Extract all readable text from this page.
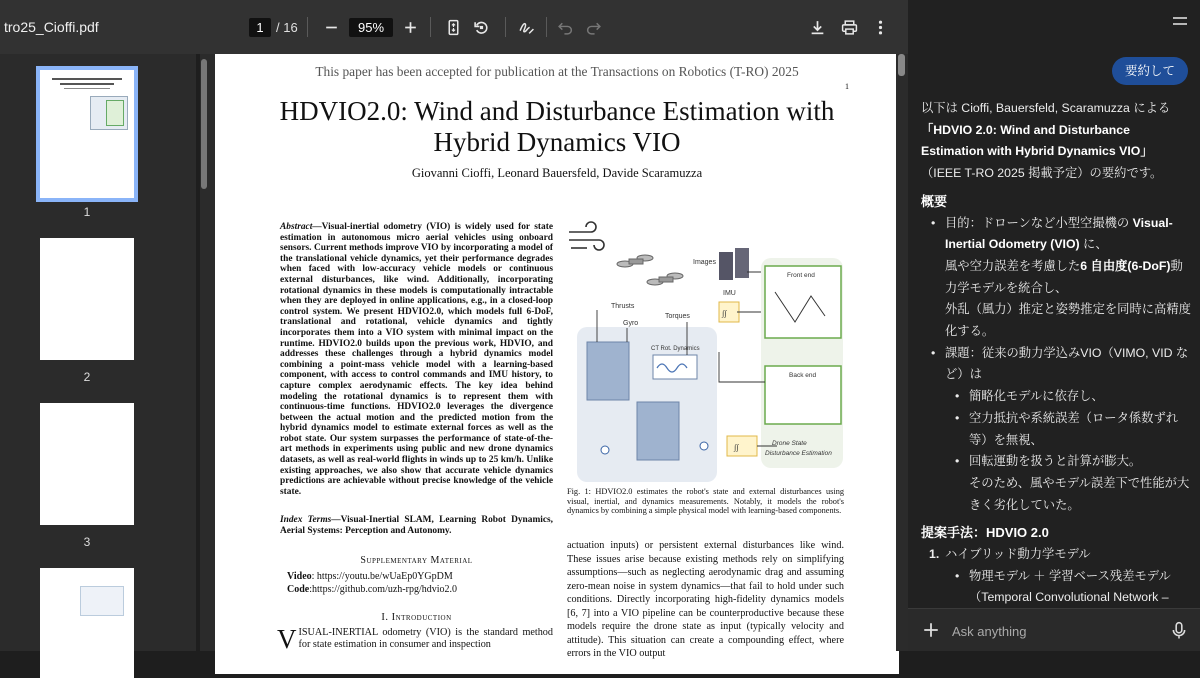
tro25_Cioffi.pdf	1 / 16	95%
1
2
3
This paper has been accepted for publication at the Transactions on Robotics (T-RO) 2025
1
HDVIO2.0: Wind and Disturbance Estimation with
Hybrid Dynamics VIO
Giovanni Cioffi, Leonard Bauersfeld, Davide Scaramuzza
Abstract—Visual-inertial odometry (VIO) is widely used for state estimation in autonomous micro aerial vehicles using onboard sensors. Current methods improve VIO by incorporating a model of the translational vehicle dynamics, yet their performance degrades when faced with low-accuracy vehicle models or continuous external disturbances, like wind. Additionally, incorporating rotational dynamics in these models is computationally intractable when they are deployed in online applications, e.g., in a closed-loop control system. We present HDVIO2.0, which models full 6-DoF, translational and rotational, vehicle dynamics and tightly incorporates them into a VIO system with minimal impact on the runtime. HDVIO2.0 builds upon the previous work, HDVIO, and addresses these challenges through a hybrid dynamics model combining a point-mass vehicle model with a learning-based component, with access to control commands and IMU history, to capture complex aerodynamic effects. The key idea behind modeling the rotational dynamics is to represent them with continuous-time functions. HDVIO2.0 leverages the divergence between the actual motion and the predicted motion from the hybrid dynamics model to estimate external forces as well as the robot state. Our system surpasses the performance of state-of-the-art methods in experiments using public and new drone dynamics datasets, as well as real-world flights in winds up to 25 km/h. Unlike existing approaches, we also show that accurate vehicle dynamics predictions are achievable without precise knowledge of the vehicle state.
Index Terms—Visual-Inertial SLAM, Learning Robot Dynamics, Aerial Systems: Perception and Autonomy.
Supplementary Material
Video: https://youtu.be/wUaEp0YGpDM
Code:https://github.com/uzh-rpg/hdvio2.0
I. Introduction
VISUAL-INERTIAL odometry (VIO) is the standard method for state estimation in consumer and inspection
Images
IMU
Thrusts
Gyro
Torques
CT Rot. Dynamics
∫∫
∫∫
Front end
Back end
Drone State
Disturbance Estimation
Fig. 1: HDVIO2.0 estimates the robot's state and external disturbances using visual, inertial, and dynamics measurements. Notably, it models the robot's dynamics by combining a simple physical model with learning-based components.
actuation inputs) or persistent external disturbances like wind. These issues arise because existing methods rely on simplifying assumptions—such as neglecting aerodynamic drag and assuming zero-mean noise in system dynamics—that fail to hold under such conditions. Directly incorporating high-fidelity dynamics models [6, 7] into a VIO pipeline can be counterproductive because these models require the drone state as input (typically velocity and attitude). This situation can create a compounding effect, where errors in the VIO output
要約して
以下は Cioffi, Bauersfeld, Scaramuzza による
「HDVIO 2.0: Wind and Disturbance Estimation with Hybrid Dynamics VIO」
（IEEE T-RO 2025 掲載予定）の要約です。
概要
• 目的：ドローンなど小型空撮機の Visual-Inertial Odometry (VIO) に、
風や空力誤差を考慮した6 自由度(6-DoF)動力学モデルを統合し、
外乱（風力）推定と姿勢推定を同時に高精度化する。
• 課題：従来の動力学込みVIO（VIMO, VID など）は
• 簡略化モデルに依存し、
• 空力抵抗や系統誤差（ロータ係数ずれ等）を無視、
• 回転運動を扱うと計算が膨大。
そのため、風やモデル誤差下で性能が大きく劣化していた。
提案手法：HDVIO 2.0
1. ハイブリッド動力学モデル
• 物理モデル ＋ 学習ベース残差モデル
（Temporal Convolutional Network –
Ask anything
